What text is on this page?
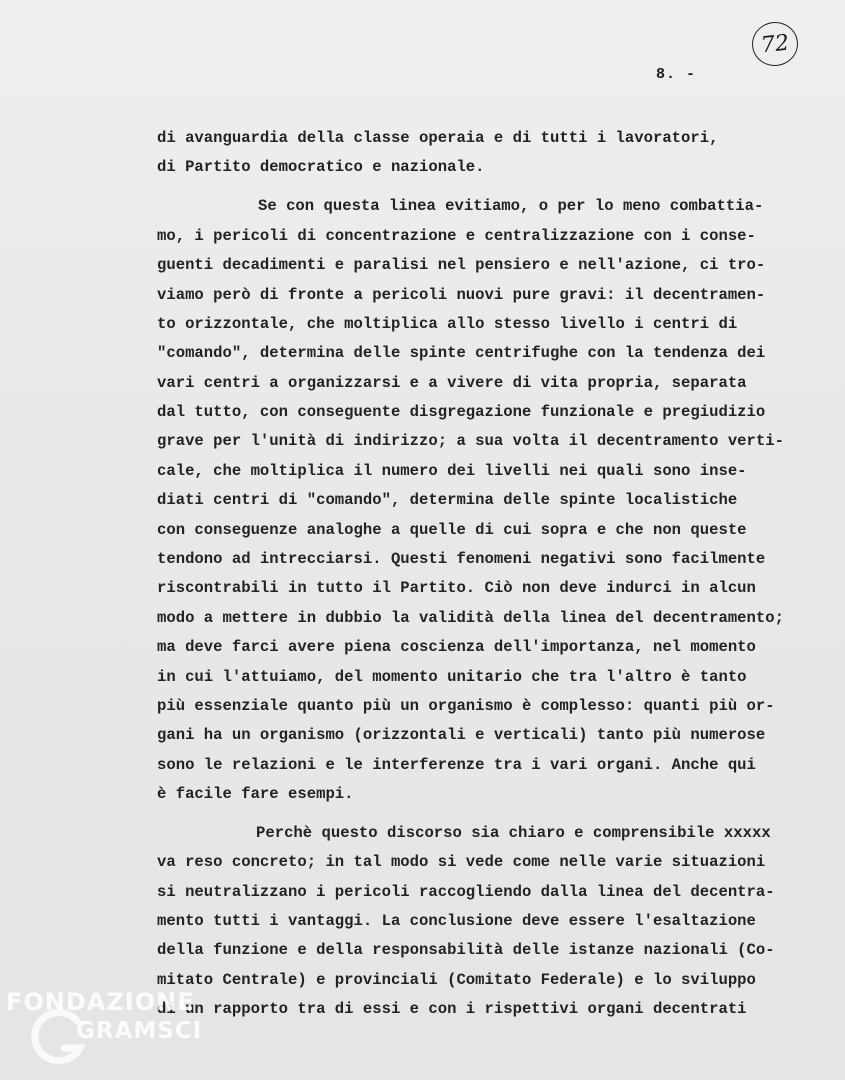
72
8. -
di avanguardia della classe operaia e di tutti i lavoratori,
di Partito democratico e nazionale.
Se con questa linea evitiamo, o per lo meno combattia-
mo, i pericoli di concentrazione e centralizzazione con i conse-
guenti decadimenti e paralisi nel pensiero e nell'azione, ci tro-
viamo però di fronte a pericoli nuovi pure gravi: il decentramen-
to orizzontale, che moltiplica allo stesso livello i centri di
"comando", determina delle spinte centrifughe con la tendenza dei
vari centri a organizzarsi e a vivere di vita propria, separata
dal tutto, con conseguente disgregazione funzionale e pregiudizio
grave per l'unità di indirizzo; a sua volta il decentramento verti-
cale, che moltiplica il numero dei livelli nei quali sono inse-
diati centri di "comando", determina delle spinte localistiche
con conseguenze analoghe a quelle di cui sopra e che non queste
tendono ad intrecciarsi. Questi fenomeni negativi sono facilmente
riscontrabili in tutto il Partito. Ciò non deve indurci in alcun
modo a mettere in dubbio la validità della linea del decentramento;
ma deve farci avere piena coscienza dell'importanza, nel momento
in cui l'attuiamo, del momento unitario che tra l'altro è tanto
più essenziale quanto più un organismo è complesso: quanti più or-
gani ha un organismo (orizzontali e verticali) tanto più numerose
sono le relazioni e le interferenze tra i vari organi. Anche qui
è facile fare esempi.
Perchè questo discorso sia chiaro e comprensibile xxxxx
va reso concreto; in tal modo si vede come nelle varie situazioni
si neutralizzano i pericoli raccogliendo dalla linea del decentra-
mento tutti i vantaggi. La conclusione deve essere l'esaltazione
della funzione e della responsabilità delle istanze nazionali (Co-
mitato Centrale) e provinciali (Comitato Federale) e lo sviluppo
di un rapporto tra di essi e con i rispettivi organi decentrati
FONDAZIONE
GRAMSCI
